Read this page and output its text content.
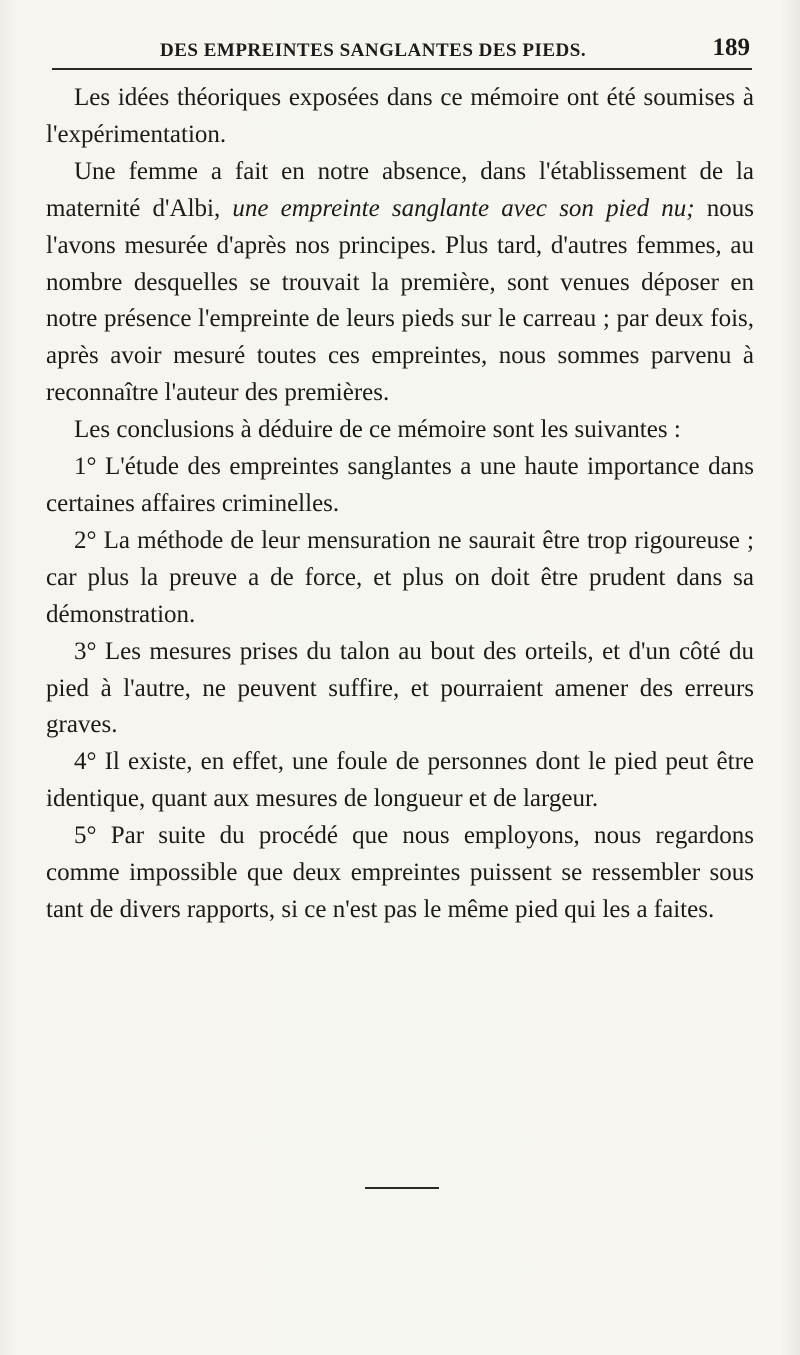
DES EMPREINTES SANGLANTES DES PIEDS.	189

Les idées théoriques exposées dans ce mémoire ont été soumises à l'expérimentation.

Une femme a fait en notre absence, dans l'établissement de la maternité d'Albi, une empreinte sanglante avec son pied nu; nous l'avons mesurée d'après nos principes. Plus tard, d'autres femmes, au nombre desquelles se trouvait la première, sont venues déposer en notre présence l'empreinte de leurs pieds sur le carreau ; par deux fois, après avoir mesuré toutes ces empreintes, nous sommes parvenu à reconnaître l'auteur des premières.

Les conclusions à déduire de ce mémoire sont les suivantes :

1° L'étude des empreintes sanglantes a une haute importance dans certaines affaires criminelles.

2° La méthode de leur mensuration ne saurait être trop rigoureuse ; car plus la preuve a de force, et plus on doit être prudent dans sa démonstration.

3° Les mesures prises du talon au bout des orteils, et d'un côté du pied à l'autre, ne peuvent suffire, et pourraient amener des erreurs graves.

4° Il existe, en effet, une foule de personnes dont le pied peut être identique, quant aux mesures de longueur et de largeur.

5° Par suite du procédé que nous employons, nous regardons comme impossible que deux empreintes puissent se ressembler sous tant de divers rapports, si ce n'est pas le même pied qui les a faites.
